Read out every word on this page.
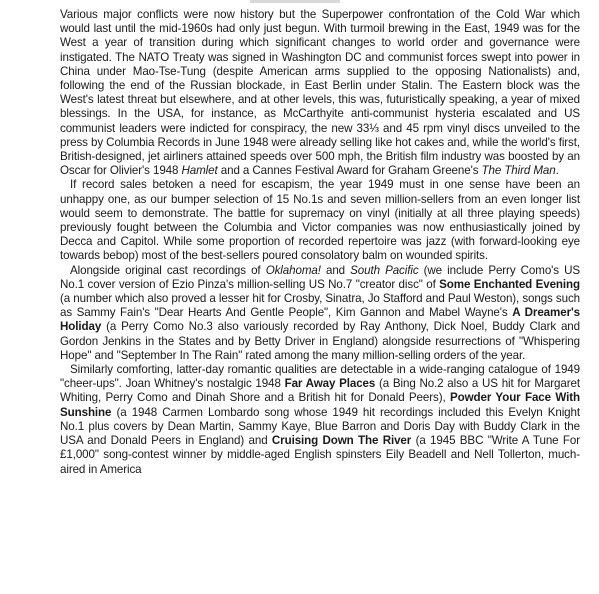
Various major conflicts were now history but the Superpower confrontation of the Cold War which would last until the mid-1960s had only just begun. With turmoil brewing in the East, 1949 was for the West a year of transition during which significant changes to world order and governance were instigated. The NATO Treaty was signed in Washington DC and communist forces swept into power in China under Mao-Tse-Tung (despite American arms supplied to the opposing Nationalists) and, following the end of the Russian blockade, in East Berlin under Stalin. The Eastern block was the West's latest threat but elsewhere, and at other levels, this was, futuristically speaking, a year of mixed blessings. In the USA, for instance, as McCarthyite anti-communist hysteria escalated and US communist leaders were indicted for conspiracy, the new 33⅓ and 45 rpm vinyl discs unveiled to the press by Columbia Records in June 1948 were already selling like hot cakes and, while the world's first, British-designed, jet airliners attained speeds over 500 mph, the British film industry was boosted by an Oscar for Olivier's 1948 Hamlet and a Cannes Festival Award for Graham Greene's The Third Man.

If record sales betoken a need for escapism, the year 1949 must in one sense have been an unhappy one, as our bumper selection of 15 No.1s and seven million-sellers from an even longer list would seem to demonstrate. The battle for supremacy on vinyl (initially at all three playing speeds) previously fought between the Columbia and Victor companies was now enthusiastically joined by Decca and Capitol. While some proportion of recorded repertoire was jazz (with forward-looking eye towards bebop) most of the best-sellers poured consolatory balm on wounded spirits.

Alongside original cast recordings of Oklahoma! and South Pacific (we include Perry Como's US No.1 cover version of Ezio Pinza's million-selling US No.7 "creator disc" of Some Enchanted Evening (a number which also proved a lesser hit for Crosby, Sinatra, Jo Stafford and Paul Weston), songs such as Sammy Fain's "Dear Hearts And Gentle People", Kim Gannon and Mabel Wayne's A Dreamer's Holiday (a Perry Como No.3 also variously recorded by Ray Anthony, Dick Noel, Buddy Clark and Gordon Jenkins in the States and by Betty Driver in England) alongside resurrections of "Whispering Hope" and "September In The Rain" rated among the many million-selling orders of the year.

Similarly comforting, latter-day romantic qualities are detectable in a wide-ranging catalogue of 1949 "cheer-ups". Joan Whitney's nostalgic 1948 Far Away Places (a Bing No.2 also a US hit for Margaret Whiting, Perry Como and Dinah Shore and a British hit for Donald Peers), Powder Your Face With Sunshine (a 1948 Carmen Lombardo song whose 1949 hit recordings included this Evelyn Knight No.1 plus covers by Dean Martin, Sammy Kaye, Blue Barron and Doris Day with Buddy Clark in the USA and Donald Peers in England) and Cruising Down The River (a 1945 BBC "Write A Tune For £1,000" song-contest winner by middle-aged English spinsters Eily Beadell and Nell Tollerton, much-aired in America
